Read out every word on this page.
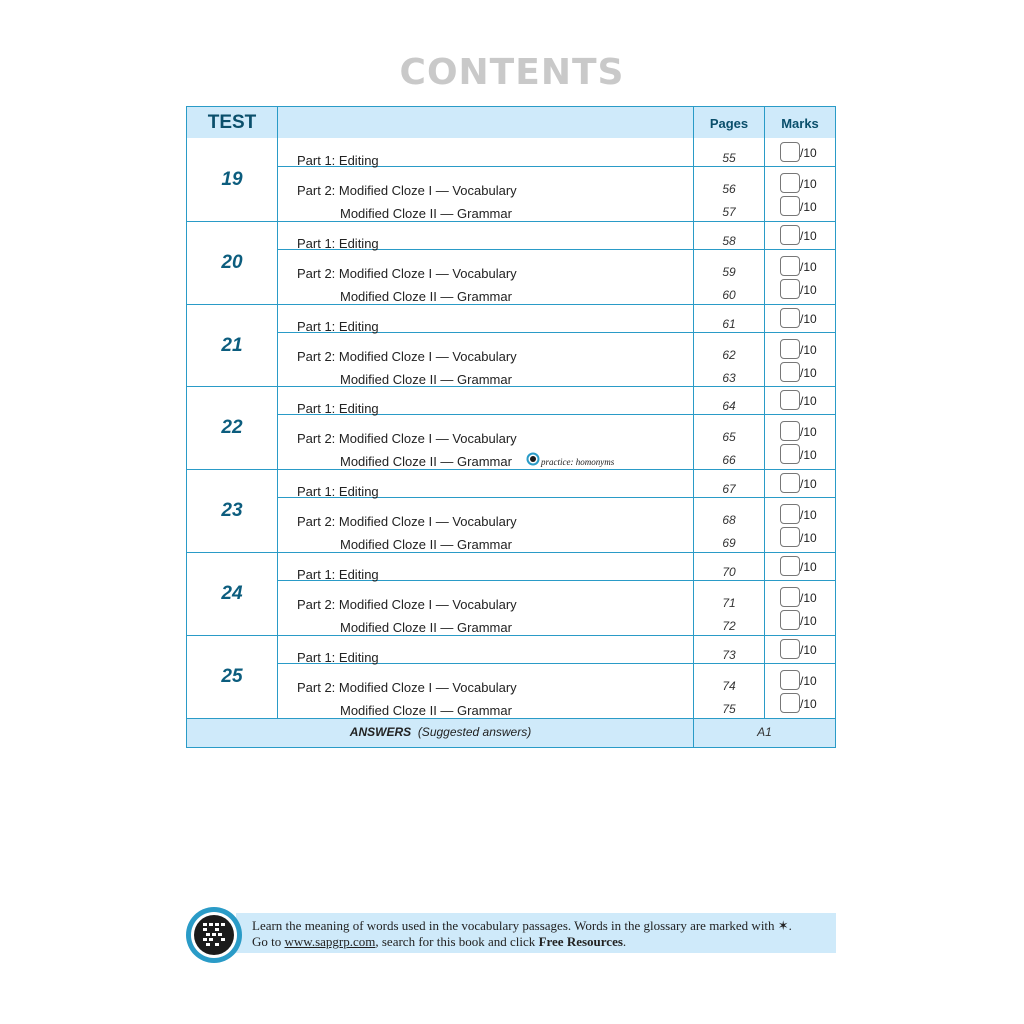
CONTENTS
TEST	Pages	Marks
19
Part 1: Editing	55	/10
Part 2: Modified Cloze I — Vocabulary	56	/10
Modified Cloze II — Grammar	57	/10
20
Part 1: Editing	58	/10
Part 2: Modified Cloze I — Vocabulary	59	/10
Modified Cloze II — Grammar	60	/10
21
Part 1: Editing	61	/10
Part 2: Modified Cloze I — Vocabulary	62	/10
Modified Cloze II — Grammar	63	/10
22
Part 1: Editing	64	/10
Part 2: Modified Cloze I — Vocabulary	65	/10
Modified Cloze II — Grammar	66	/10
practice: homonyms
23
Part 1: Editing	67	/10
Part 2: Modified Cloze I — Vocabulary	68	/10
Modified Cloze II — Grammar	69	/10
24
Part 1: Editing	70	/10
Part 2: Modified Cloze I — Vocabulary	71	/10
Modified Cloze II — Grammar	72	/10
25
Part 1: Editing	73	/10
Part 2: Modified Cloze I — Vocabulary	74	/10
Modified Cloze II — Grammar	75	/10
ANSWERS (Suggested answers)	A1
Learn the meaning of words used in the vocabulary passages. Words in the glossary are marked with ✶.
Go to www.sapgrp.com, search for this book and click Free Resources.
